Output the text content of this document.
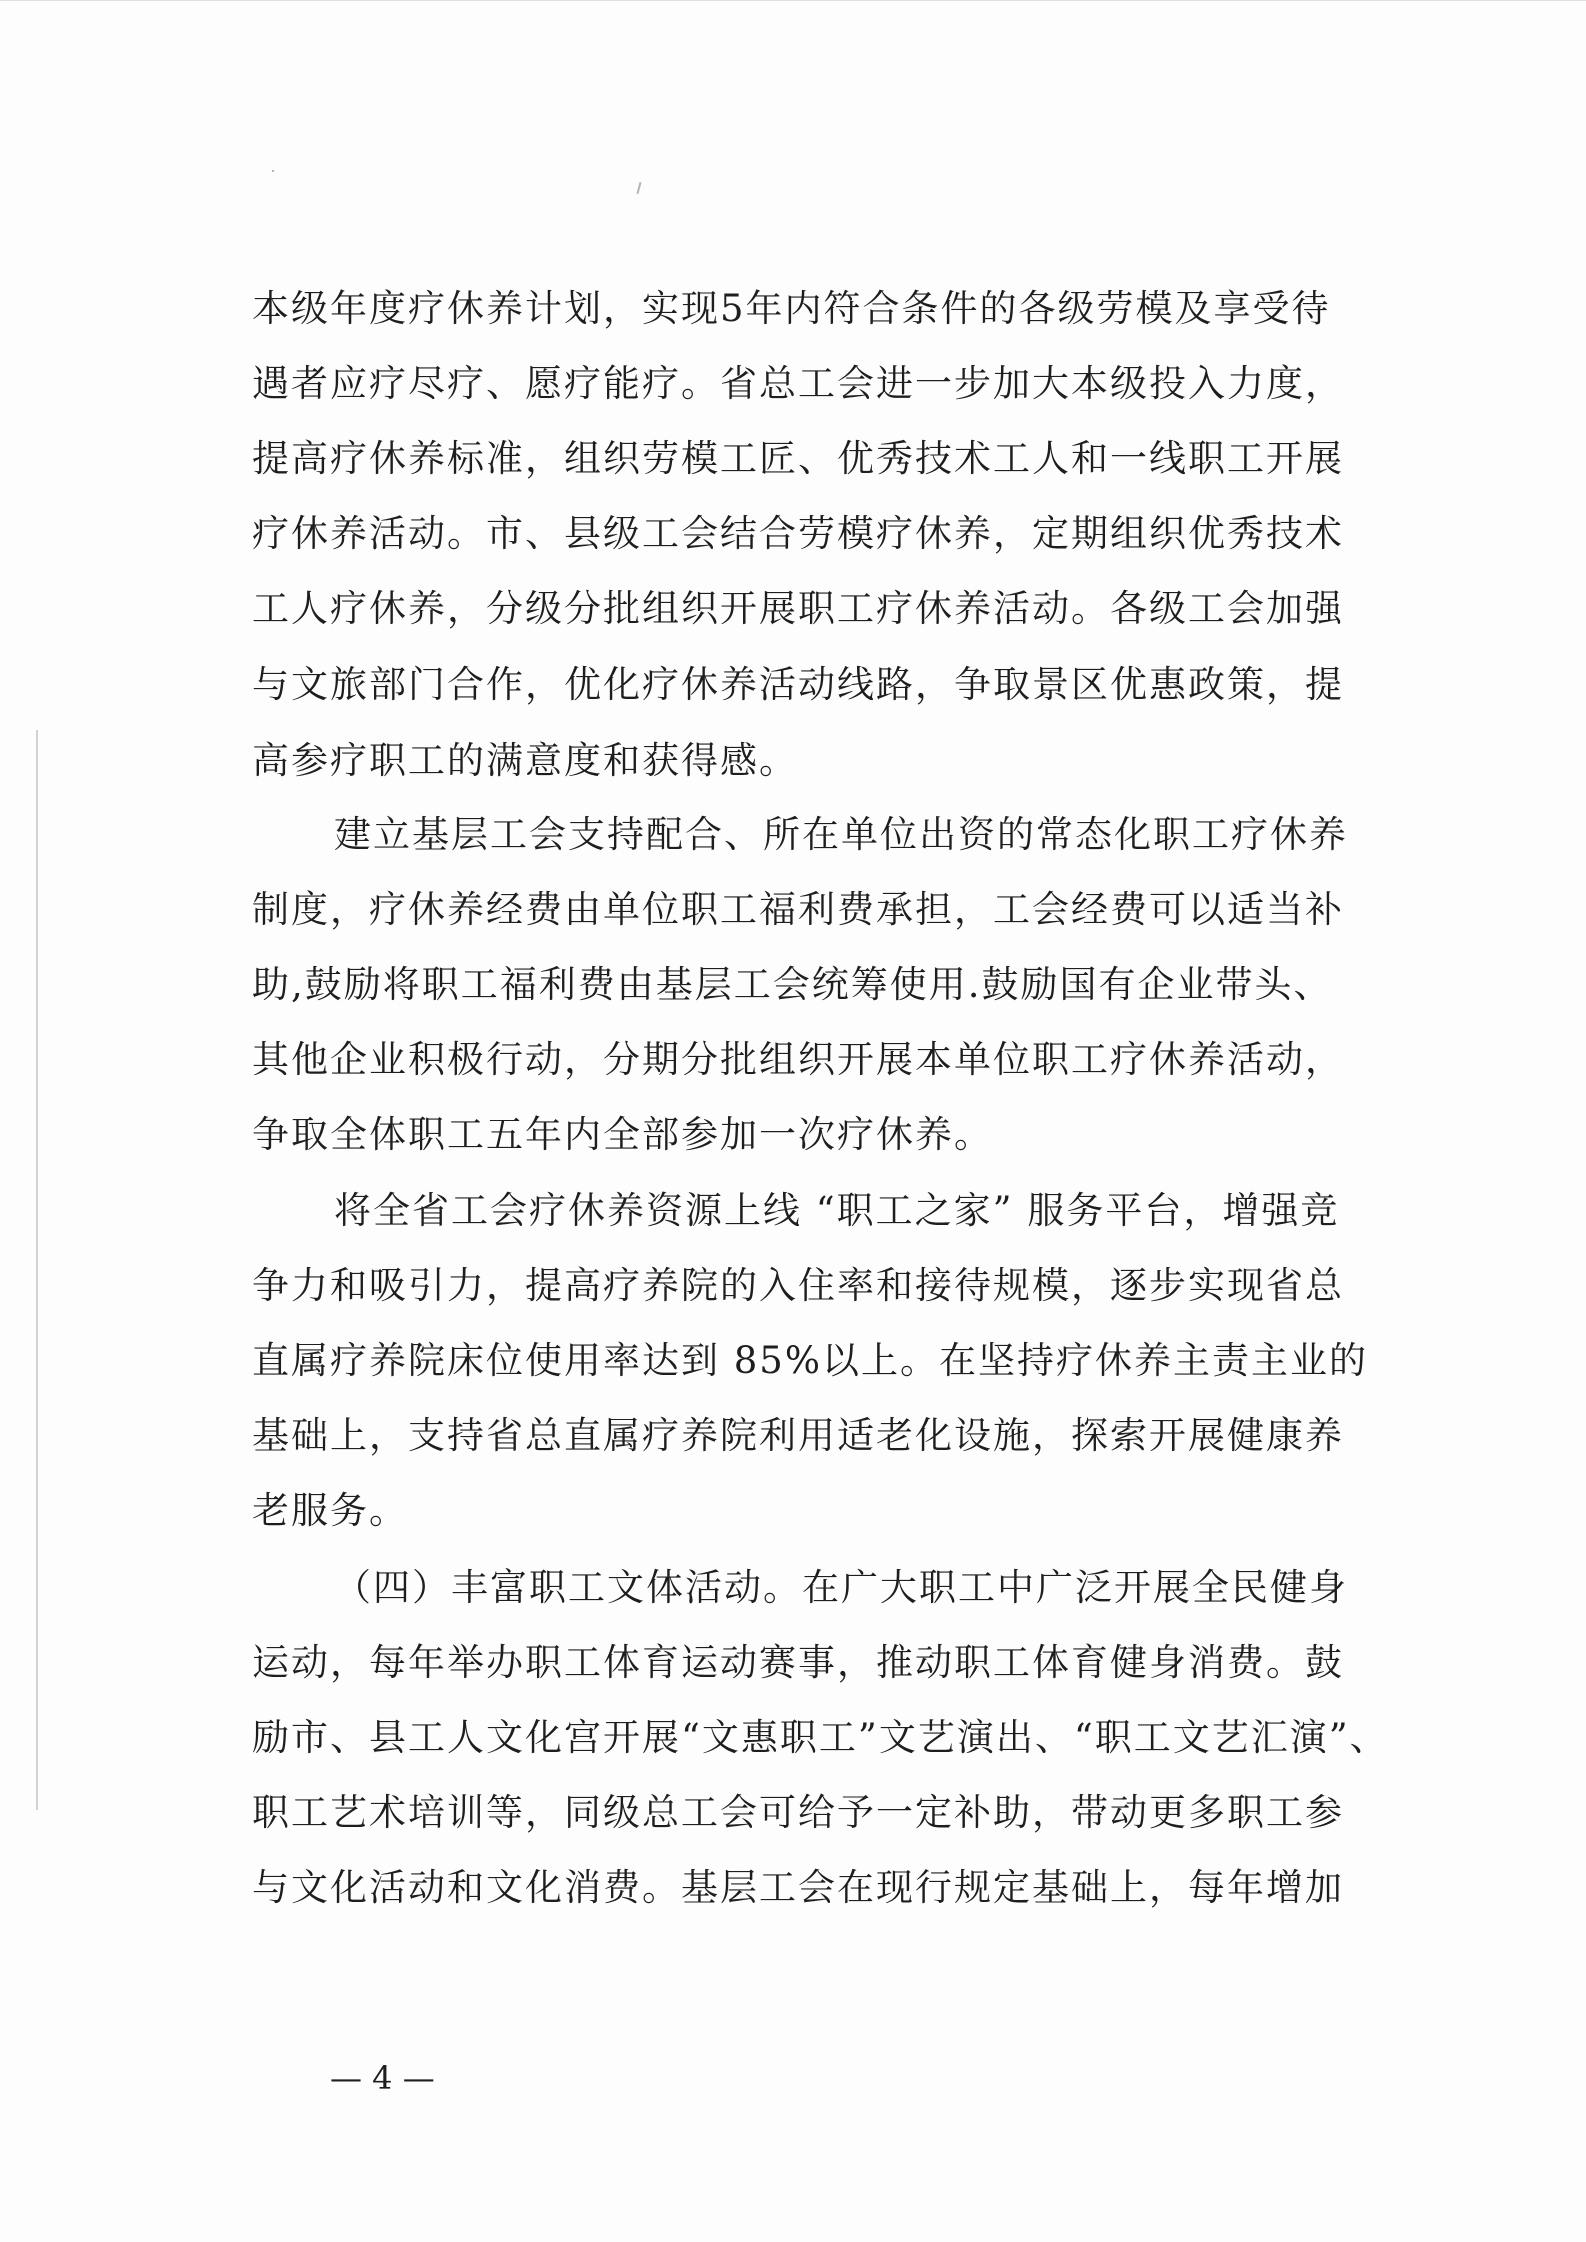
本级年度疗休养计划，实现5年内符合条件的各级劳模及享受待
遇者应疗尽疗、愿疗能疗。省总工会进一步加大本级投入力度，
提高疗休养标准，组织劳模工匠、优秀技术工人和一线职工开展
疗休养活动。市、县级工会结合劳模疗休养，定期组织优秀技术
工人疗休养，分级分批组织开展职工疗休养活动。各级工会加强
与文旅部门合作，优化疗休养活动线路，争取景区优惠政策，提
高参疗职工的满意度和获得感。
建立基层工会支持配合、所在单位出资的常态化职工疗休养
制度，疗休养经费由单位职工福利费承担，工会经费可以适当补
助,鼓励将职工福利费由基层工会统筹使用.鼓励国有企业带头、
其他企业积极行动，分期分批组织开展本单位职工疗休养活动，
争取全体职工五年内全部参加一次疗休养。
将全省工会疗休养资源上线 “职工之家” 服务平台，增强竞
争力和吸引力，提高疗养院的入住率和接待规模，逐步实现省总
直属疗养院床位使用率达到 85%以上。在坚持疗休养主责主业的
基础上，支持省总直属疗养院利用适老化设施，探索开展健康养
老服务。
（四）丰富职工文体活动。在广大职工中广泛开展全民健身
运动，每年举办职工体育运动赛事，推动职工体育健身消费。鼓
励市、县工人文化宫开展“文惠职工”文艺演出、“职工文艺汇演”、
职工艺术培训等，同级总工会可给予一定补助，带动更多职工参
与文化活动和文化消费。基层工会在现行规定基础上，每年增加
— 4 —
